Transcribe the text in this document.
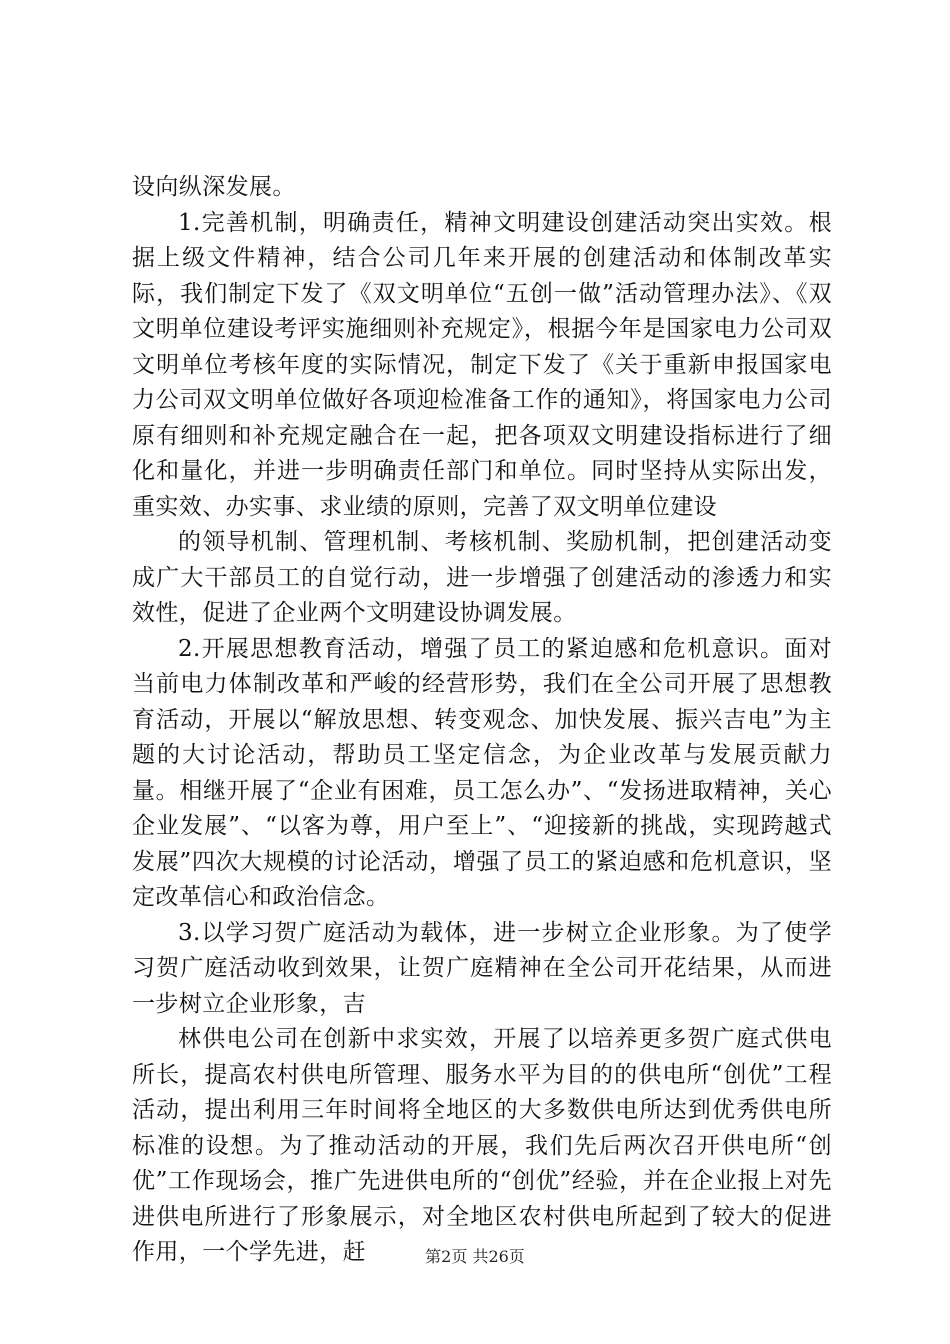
设向纵深发展。

1.完善机制，明确责任，精神文明建设创建活动突出实效。根据上级文件精神，结合公司几年来开展的创建活动和体制改革实际，我们制定下发了《双文明单位“五创一做”活动管理办法》、《双文明单位建设考评实施细则补充规定》，根据今年是国家电力公司双文明单位考核年度的实际情况，制定下发了《关于重新申报国家电力公司双文明单位做好各项迎检准备工作的通知》，将国家电力公司原有细则和补充规定融合在一起，把各项双文明建设指标进行了细化和量化，并进一步明确责任部门和单位。同时坚持从实际出发，重实效、办实事、求业绩的原则，完善了双文明单位建设

的领导机制、管理机制、考核机制、奖励机制，把创建活动变成广大干部员工的自觉行动，进一步增强了创建活动的渗透力和实效性，促进了企业两个文明建设协调发展。

2.开展思想教育活动，增强了员工的紧迫感和危机意识。面对当前电力体制改革和严峻的经营形势，我们在全公司开展了思想教育活动，开展以“解放思想、转变观念、加快发展、振兴吉电”为主题的大讨论活动，帮助员工坚定信念，为企业改革与发展贡献力量。相继开展了“企业有困难，员工怎么办”、“发扬进取精神，关心企业发展”、“以客为尊，用户至上”、“迎接新的挑战，实现跨越式发展”四次大规模的讨论活动，增强了员工的紧迫感和危机意识，坚定改革信心和政治信念。

3.以学习贺广庭活动为载体，进一步树立企业形象。为了使学习贺广庭活动收到效果，让贺广庭精神在全公司开花结果，从而进一步树立企业形象，吉

林供电公司在创新中求实效，开展了以培养更多贺广庭式供电所长，提高农村供电所管理、服务水平为目的的供电所“创优”工程活动，提出利用三年时间将全地区的大多数供电所达到优秀供电所标准的设想。为了推动活动的开展，我们先后两次召开供电所“创优”工作现场会，推广先进供电所的“创优”经验，并在企业报上对先进供电所进行了形象展示，对全地区农村供电所起到了较大的促进作用，一个学先进，赶	第2页 共26页
